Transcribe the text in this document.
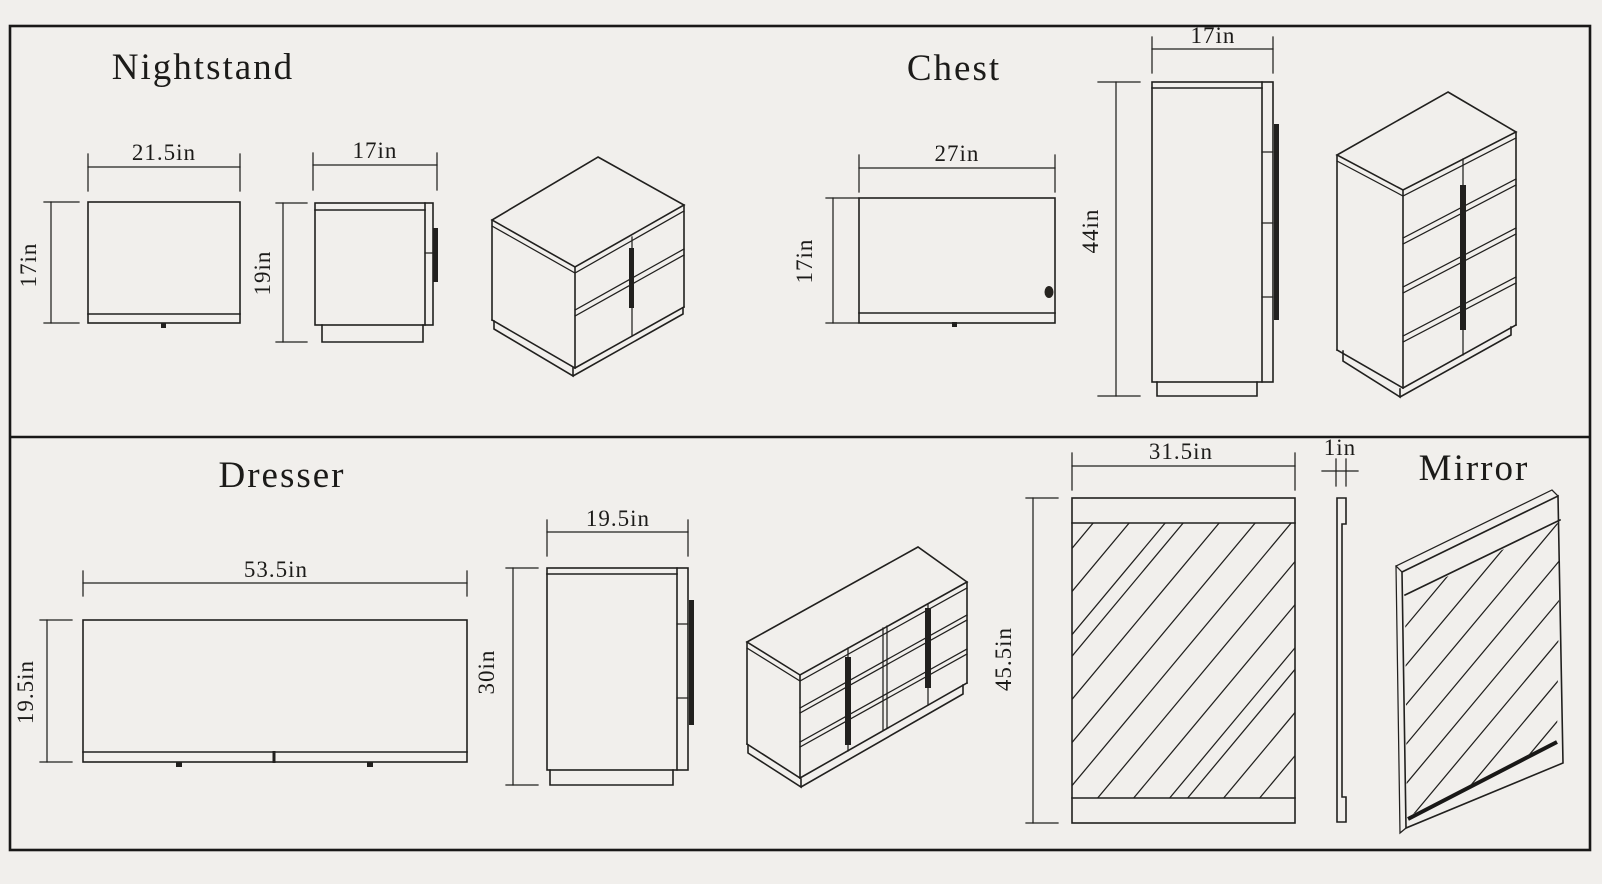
Nightstand
21.5in
17in
17in
19in
Chest
27in
17in
17in
44in
Dresser
53.5in
19.5in
19.5in
30in
Mirror
31.5in
45.5in
1in
